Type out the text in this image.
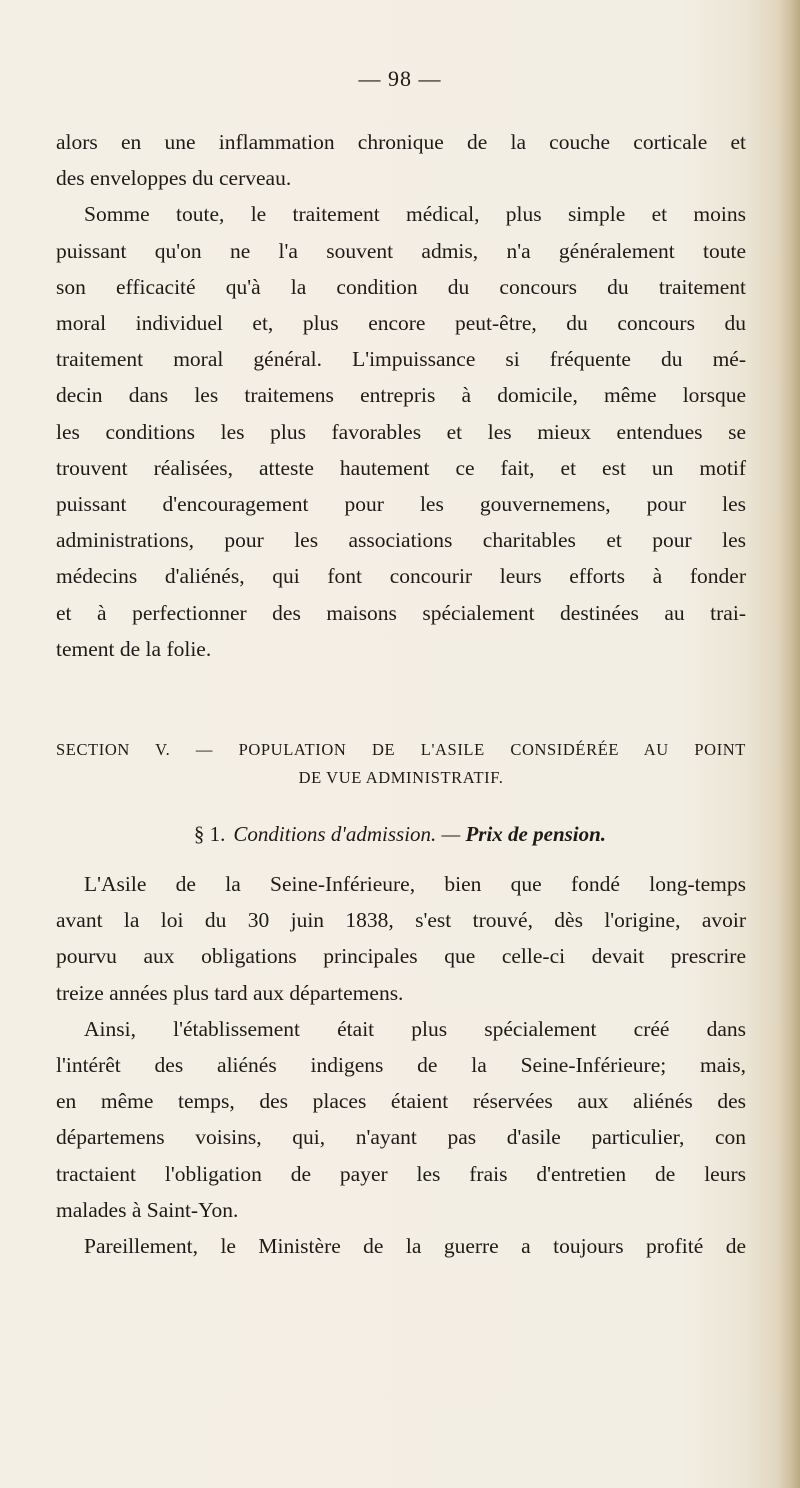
— 98 —

alors en une inflammation chronique de la couche corticale et

des enveloppes du cerveau.

Somme toute, le traitement médical, plus simple et moins

puissant qu'on ne l'a souvent admis, n'a généralement toute

son efficacité qu'à la condition du concours du traitement

moral individuel et, plus encore peut-être, du concours du

traitement moral général. L'impuissance si fréquente du mé-

decin dans les traitemens entrepris à domicile, même lorsque

les conditions les plus favorables et les mieux entendues se

trouvent réalisées, atteste hautement ce fait, et est un motif

puissant d'encouragement pour les gouvernemens, pour les

administrations, pour les associations charitables et pour les

médecins d'aliénés, qui font concourir leurs efforts à fonder

et à perfectionner des maisons spécialement destinées au trai-

tement de la folie.

SECTION V. — POPULATION DE L'ASILE CONSIDÉRÉE AU POINT
DE VUE ADMINISTRATIF.
§ 1. Conditions d'admission. — Prix de pension.

L'Asile de la Seine-Inférieure, bien que fondé long-temps

avant la loi du 30 juin 1838, s'est trouvé, dès l'origine, avoir

pourvu aux obligations principales que celle-ci devait prescrire

treize années plus tard aux départemens.

Ainsi, l'établissement était plus spécialement créé dans

l'intérêt des aliénés indigens de la Seine-Inférieure; mais,

en même temps, des places étaient réservées aux aliénés des

départemens voisins, qui, n'ayant pas d'asile particulier, con

tractaient l'obligation de payer les frais d'entretien de leurs

malades à Saint-Yon.

Pareillement, le Ministère de la guerre a toujours profité de
